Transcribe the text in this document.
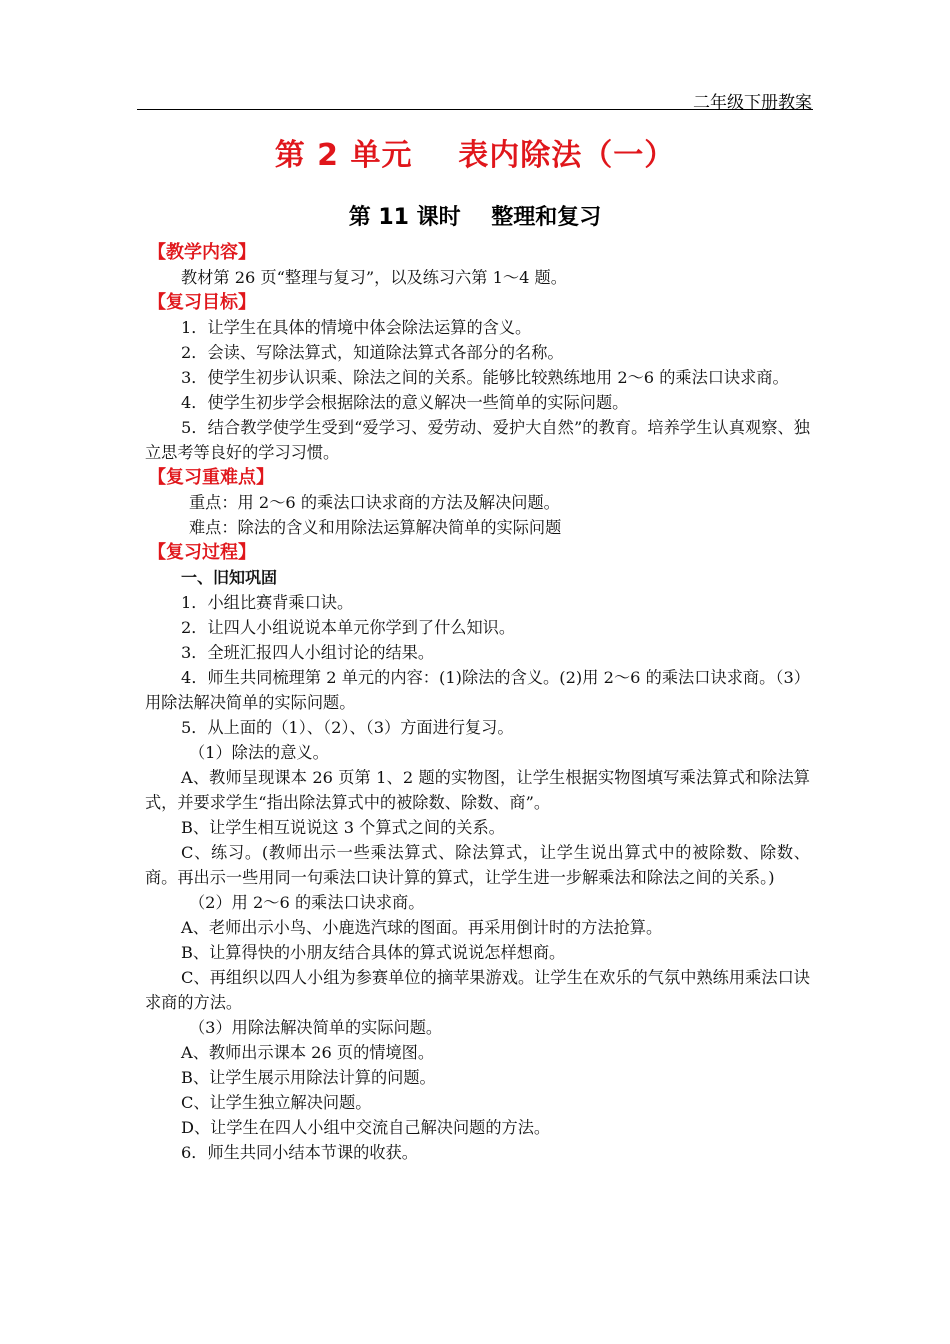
二年级下册教案
第 2 单元    表内除法（一）
第 11 课时    整理和复习
【教学内容】
教材第 26 页“整理与复习”，以及练习六第 1～4 题。
【复习目标】
1．让学生在具体的情境中体会除法运算的含义。
2．会读、写除法算式，知道除法算式各部分的名称。
3．使学生初步认识乘、除法之间的关系。能够比较熟练地用 2～6 的乘法口诀求商。
4．使学生初步学会根据除法的意义解决一些简单的实际问题。
5．结合教学使学生受到“爱学习、爱劳动、爱护大自然”的教育。培养学生认真观察、独立思考等良好的学习习惯。
【复习重难点】
重点：用 2～6 的乘法口诀求商的方法及解决问题。
难点：除法的含义和用除法运算解决简单的实际问题
【复习过程】
一、旧知巩固
1．小组比赛背乘口诀。
2．让四人小组说说本单元你学到了什么知识。
3．全班汇报四人小组讨论的结果。
4．师生共同梳理第 2 单元的内容：(1)除法的含义。(2)用 2～6 的乘法口诀求商。（3）用除法解决简单的实际问题。
5．从上面的（1）、（2）、（3）方面进行复习。
（1）除法的意义。
A、教师呈现课本 26 页第 1、2 题的实物图，让学生根据实物图填写乘法算式和除法算式，并要求学生“指出除法算式中的被除数、除数、商”。
B、让学生相互说说这 3 个算式之间的关系。
C、练习。(教师出示一些乘法算式、除法算式，让学生说出算式中的被除数、除数、商。再出示一些用同一句乘法口诀计算的算式，让学生进一步解乘法和除法之间的关系。)
（2）用 2～6 的乘法口诀求商。
A、老师出示小鸟、小鹿选汽球的图面。再采用倒计时的方法抢算。
B、让算得快的小朋友结合具体的算式说说怎样想商。
C、再组织以四人小组为参赛单位的摘苹果游戏。让学生在欢乐的气氛中熟练用乘法口诀求商的方法。
（3）用除法解决简单的实际问题。
A、教师出示课本 26 页的情境图。
B、让学生展示用除法计算的问题。
C、让学生独立解决问题。
D、让学生在四人小组中交流自己解决问题的方法。
6．师生共同小结本节课的收获。
